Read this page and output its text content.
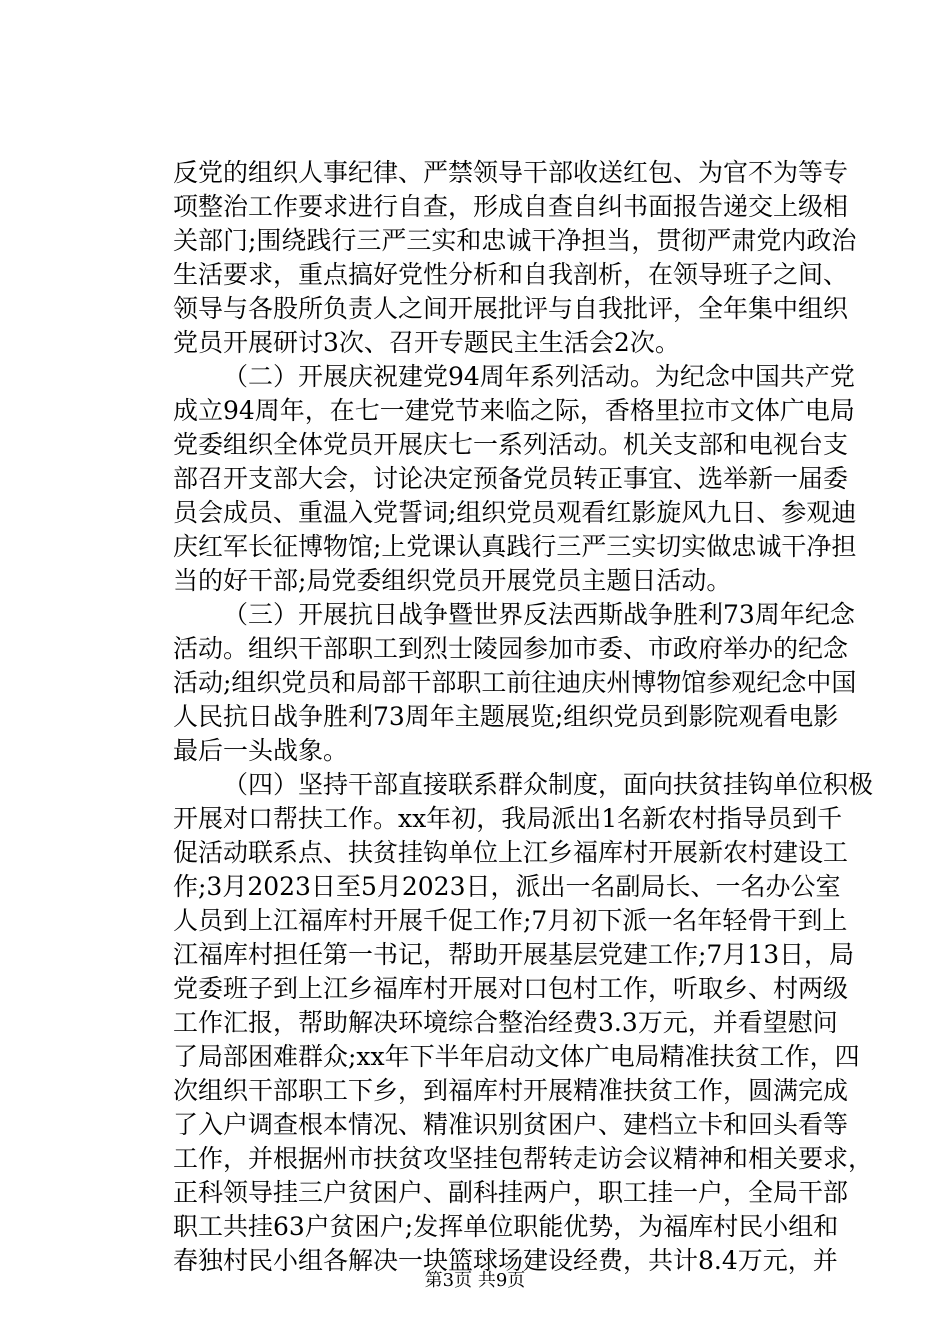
反党的组织人事纪律、严禁领导干部收送红包、为官不为等专
项整治工作要求进行自查，形成自查自纠书面报告递交上级相
关部门;围绕践行三严三实和忠诚干净担当，贯彻严肃党内政治
生活要求，重点搞好党性分析和自我剖析，在领导班子之间、
领导与各股所负责人之间开展批评与自我批评，全年集中组织
党员开展研讨3次、召开专题民主生活会2次。
（二）开展庆祝建党94周年系列活动。为纪念中国共产党
成立94周年，在七一建党节来临之际，香格里拉市文体广电局
党委组织全体党员开展庆七一系列活动。机关支部和电视台支
部召开支部大会，讨论决定预备党员转正事宜、选举新一届委
员会成员、重温入党誓词;组织党员观看红影旋风九日、参观迪
庆红军长征博物馆;上党课认真践行三严三实切实做忠诚干净担
当的好干部;局党委组织党员开展党员主题日活动。
（三）开展抗日战争暨世界反法西斯战争胜利73周年纪念
活动。组织干部职工到烈士陵园参加市委、市政府举办的纪念
活动;组织党员和局部干部职工前往迪庆州博物馆参观纪念中国
人民抗日战争胜利73周年主题展览;组织党员到影院观看电影
最后一头战象。
（四）坚持干部直接联系群众制度，面向扶贫挂钩单位积极
开展对口帮扶工作。xx年初，我局派出1名新农村指导员到千
促活动联系点、扶贫挂钩单位上江乡福库村开展新农村建设工
作;3月2023日至5月2023日，派出一名副局长、一名办公室
人员到上江福库村开展千促工作;7月初下派一名年轻骨干到上
江福库村担任第一书记，帮助开展基层党建工作;7月13日，局
党委班子到上江乡福库村开展对口包村工作，听取乡、村两级
工作汇报，帮助解决环境综合整治经费3.3万元，并看望慰问
了局部困难群众;xx年下半年启动文体广电局精准扶贫工作，四
次组织干部职工下乡，到福库村开展精准扶贫工作，圆满完成
了入户调查根本情况、精准识别贫困户、建档立卡和回头看等
工作，并根据州市扶贫攻坚挂包帮转走访会议精神和相关要求，
正科领导挂三户贫困户、副科挂两户，职工挂一户，全局干部
职工共挂63户贫困户;发挥单位职能优势，为福库村民小组和
春独村民小组各解决一块篮球场建设经费，共计8.4万元，并
第3页 共9页
